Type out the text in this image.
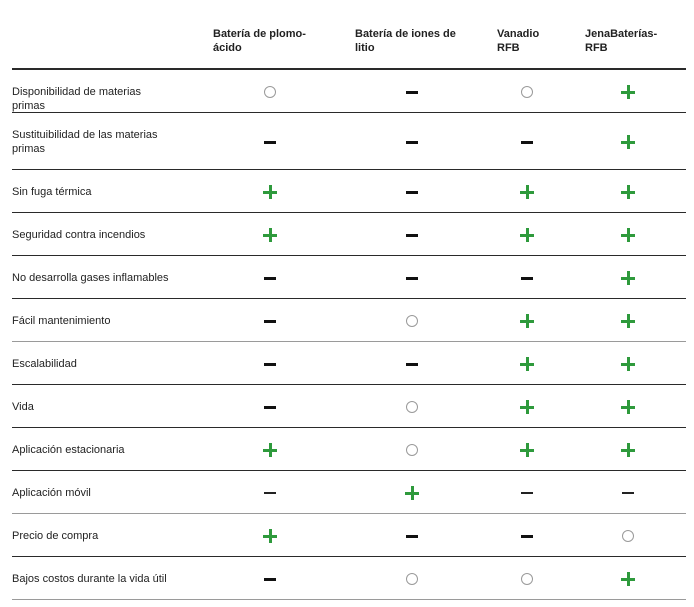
Batería de plomo-
ácido
Batería de iones de
litio
Vanadio
RFB
JenaBaterías-
RFB
Disponibilidad de materias primas
Sustituibilidad de las materias primas
Sin fuga térmica
Seguridad contra incendios
No desarrolla gases inflamables
Fácil mantenimiento
Escalabilidad
Vida
Aplicación estacionaria
Aplicación móvil
Precio de compra
Bajos costos durante la vida útil
